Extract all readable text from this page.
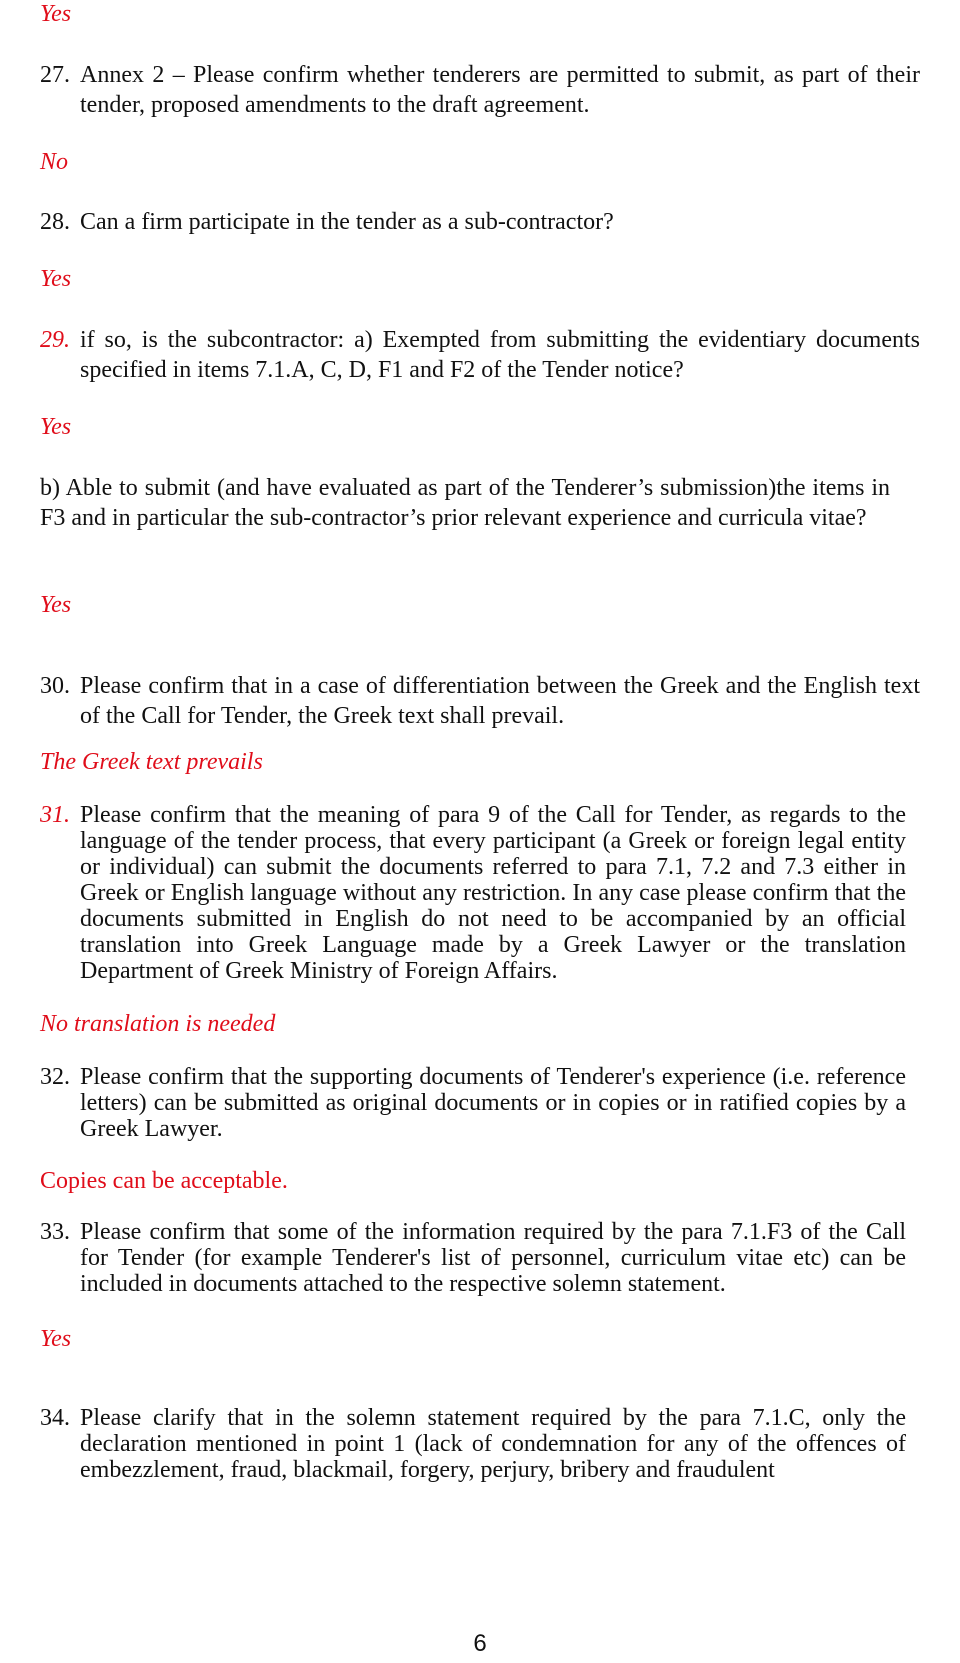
Yes
27. Annex 2 – Please confirm whether tenderers are permitted to submit, as part of their tender, proposed amendments to the draft agreement.
No
28. Can a firm participate in the tender as a sub-contractor?
Yes
29. if so, is the subcontractor: a) Exempted from submitting the evidentiary documents specified in items 7.1.A, C, D, F1 and F2 of the Tender notice?
Yes
b) Able to submit (and have evaluated as part of the Tenderer’s submission)the items in F3 and in particular the sub-contractor’s prior relevant experience and curricula vitae?
Yes
30. Please confirm that in a case of differentiation between the Greek and the English text of the Call for Tender, the Greek text shall prevail.
The Greek text prevails
31. Please confirm that the meaning of para 9 of the Call for Tender, as regards to the language of the tender process, that every participant (a Greek or foreign legal entity or individual) can submit the documents referred to para 7.1, 7.2 and 7.3 either in Greek or English language without any restriction. In any case please confirm that the documents submitted in English do not need to be accompanied by an official translation into Greek Language made by a Greek Lawyer or the translation Department of Greek Ministry of Foreign Affairs.
No translation is needed
32. Please confirm that the supporting documents of Tenderer's experience (i.e. reference letters) can be submitted as original documents or in copies or in ratified copies by a Greek Lawyer.
Copies can be acceptable.
33. Please confirm that some of the information required by the para 7.1.F3 of the Call for Tender (for example Tenderer's list of personnel, curriculum vitae etc) can be included in documents attached to the respective solemn statement.
Yes
34. Please clarify that in the solemn statement required by the para 7.1.C, only the declaration mentioned in point 1 (lack of condemnation for any of the offences of embezzlement, fraud, blackmail, forgery, perjury, bribery and fraudulent
6
